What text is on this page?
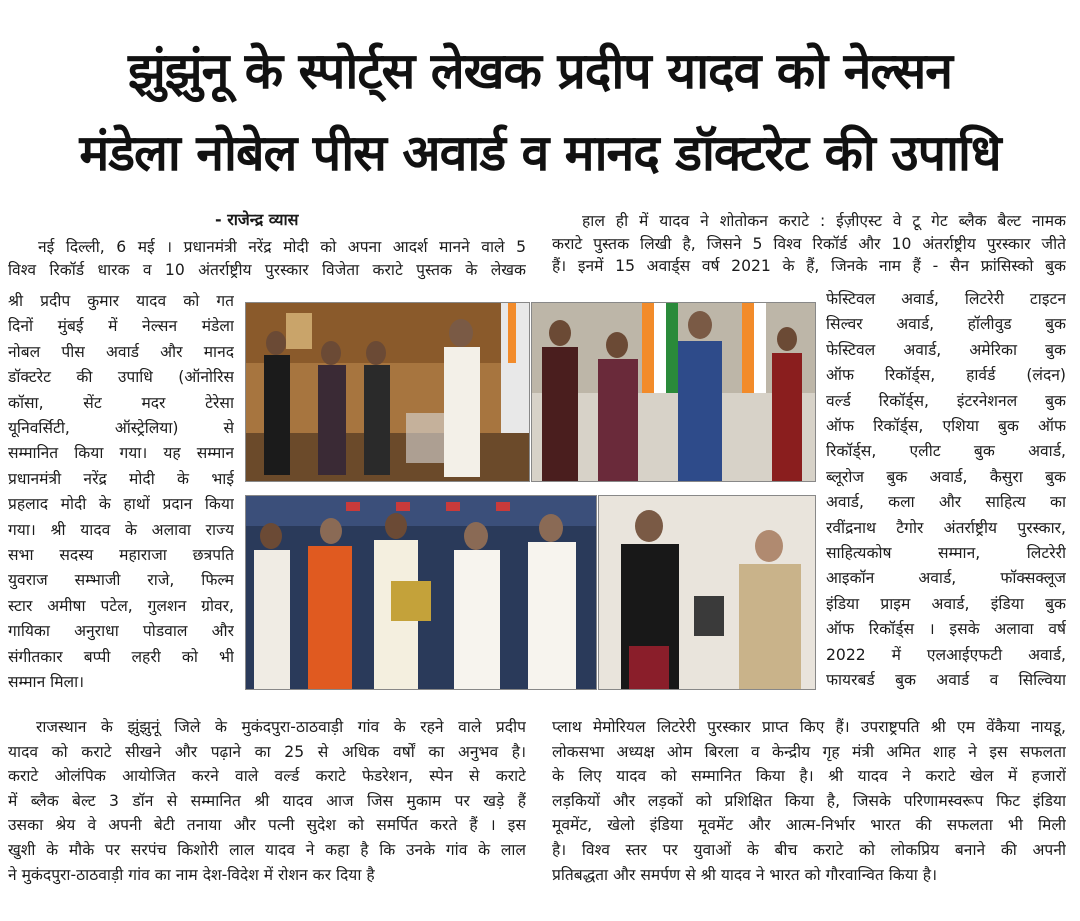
झुंझुंनू के स्पोर्ट्स लेखक प्रदीप यादव को नेल्सन
मंडेला नोबेल पीस अवार्ड व मानद डॉक्टरेट की उपाधि
- राजेन्द्र व्यास
नई दिल्ली, 6 मई । प्रधानमंत्री नरेंद्र मोदी को अपना आदर्श मानने वाले 5
विश्व रिकॉर्ड धारक व 10 अंतर्राष्ट्रीय पुरस्कार विजेता कराटे पुस्तक के लेखक
श्री प्रदीप कुमार यादव को गत
दिनों मुंबई में नेल्सन मंडेला
नोबल पीस अवार्ड और मानद
डॉक्टरेट की उपाधि (ऑनोरिस
कॉसा, सेंट मदर टेरेसा
यूनिवर्सिटी, ऑस्ट्रेलिया) से
सम्मानित किया गया। यह सम्मान
प्रधानमंत्री नरेंद्र मोदी के भाई
प्रहलाद मोदी के हाथों प्रदान किया
गया। श्री यादव के अलावा राज्य
सभा सदस्य महाराजा छत्रपति
युवराज सम्भाजी राजे, फिल्म
स्टार अमीषा पटेल, गुलशन ग्रोवर,
गायिका अनुराधा पोडवाल और
संगीतकार बप्पी लहरी को भी
सम्मान मिला।
राजस्थान के झुंझुनूं जिले के मुकंदपुरा-ठाठवाड़ी गांव के रहने वाले प्रदीप
यादव को कराटे सीखने और पढ़ाने का 25 से अधिक वर्षों का अनुभव है।
कराटे ओलंपिक आयोजित करने वाले वर्ल्ड कराटे फेडरेशन, स्पेन से कराटे
में ब्लैक बेल्ट 3 डॉन से सम्मानित श्री यादव आज जिस मुकाम पर खड़े हैं
उसका श्रेय वे अपनी बेटी तनाया और पत्नी सुदेश को समर्पित करते हैं । इस
खुशी के मौके पर सरपंच किशोरी लाल यादव ने कहा है कि उनके गांव के लाल
ने मुकंदपुरा-ठाठवाड़ी गांव का नाम देश-विदेश में रोशन कर दिया है
हाल ही में यादव ने शोतोकन कराटे : ईज़ीएस्ट वे टू गेट ब्लैक बैल्ट नामक
कराटे पुस्तक लिखी है, जिसने 5 विश्व रिकॉर्ड और 10 अंतर्राष्ट्रीय पुरस्कार जीते
हैं। इनमें 15 अवार्ड्स वर्ष 2021 के हैं, जिनके नाम हैं - सैन फ्रांसिस्को बुक
फेस्टिवल अवार्ड, लिटरेरी टाइटन
सिल्वर अवार्ड, हॉलीवुड बुक
फेस्टिवल अवार्ड, अमेरिका बुक
ऑफ रिकॉर्ड्स, हार्वर्ड (लंदन)
वर्ल्ड रिकॉर्ड्स, इंटरनेशनल बुक
ऑफ रिकॉर्ड्स, एशिया बुक ऑफ
रिकॉर्ड्स, एलीट बुक अवार्ड,
ब्लूरोज बुक अवार्ड, कैसुरा बुक
अवार्ड, कला और साहित्य का
रवींद्रनाथ टैगोर अंतर्राष्ट्रीय पुरस्कार,
साहित्यकोष सम्मान, लिटरेरी
आइकॉन अवार्ड, फॉक्सक्लूज
इंडिया प्राइम अवार्ड, इंडिया बुक
ऑफ रिकॉर्ड्स । इसके अलावा वर्ष
2022 में एलआईएफटी अवार्ड,
फायरबर्ड बुक अवार्ड व सिल्विया
प्लाथ मेमोरियल लिटरेरी पुरस्कार प्राप्त किए हैं। उपराष्ट्रपति श्री एम वेंकैया नायडू,
लोकसभा अध्यक्ष ओम बिरला व केन्द्रीय गृह मंत्री अमित शाह ने इस सफलता
के लिए यादव को सम्मानित किया है। श्री यादव ने कराटे खेल में हजारों
लड़कियों और लड़कों को प्रशिक्षित किया है, जिसके परिणामस्वरूप फिट इंडिया
मूवमेंट, खेलो इंडिया मूवमेंट और आत्म-निर्भार भारत की सफलता भी मिली
है। विश्व स्तर पर युवाओं के बीच कराटे को लोकप्रिय बनाने की अपनी
प्रतिबद्धता और समर्पण से श्री यादव ने भारत को गौरवान्वित किया है।
